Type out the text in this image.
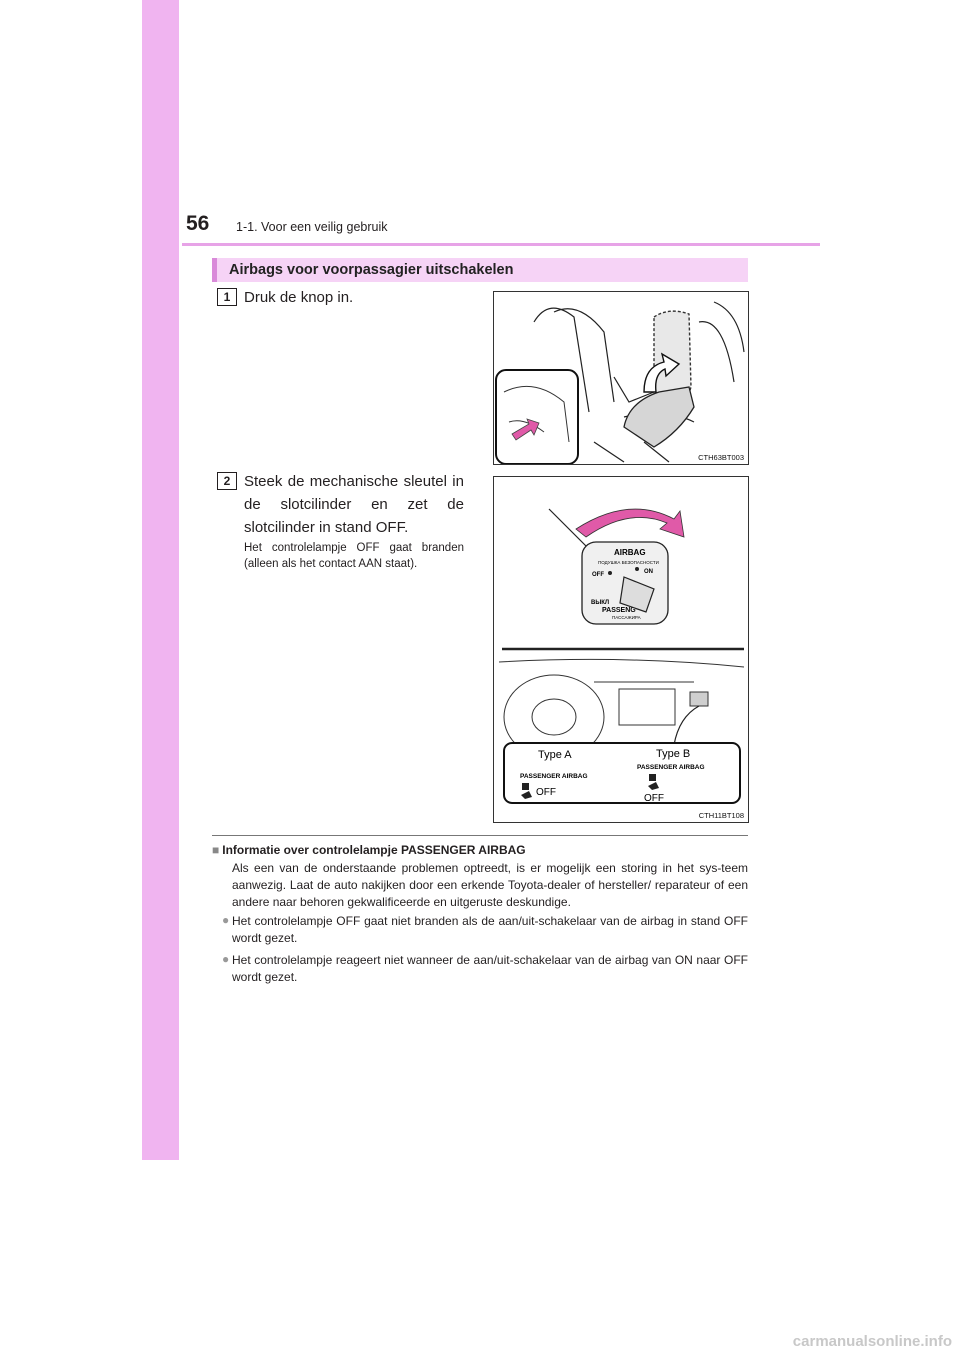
56 1-1. Voor een veilig gebruik
Airbags voor voorpassagier uitschakelen
1 Druk de knop in.
CTH63BT003
2 Steek de mechanische sleutel in de slotcilinder en zet de slotcilinder in stand OFF.
Het controlelampje OFF gaat branden (alleen als het contact AAN staat).
AIRBAG
ПОДУШКА БЕЗОПАСНОСТИ
OFF	ON
ВЫКЛ
PASSENG
ПАССАЖИРА
Type A	Type B
PASSENGER AIRBAG
PASSENGER AIRBAG
OFF
OFF
CTH11BT108
■ Informatie over controlelampje PASSENGER AIRBAG
Als een van de onderstaande problemen optreedt, is er mogelijk een storing in het sys-teem aanwezig. Laat de auto nakijken door een erkende Toyota-dealer of hersteller/ reparateur of een andere naar behoren gekwalificeerde en uitgeruste deskundige.
● Het controlelampje OFF gaat niet branden als de aan/uit-schakelaar van de airbag in stand OFF wordt gezet.
● Het controlelampje reageert niet wanneer de aan/uit-schakelaar van de airbag van ON naar OFF wordt gezet.
carmanualsonline.info
